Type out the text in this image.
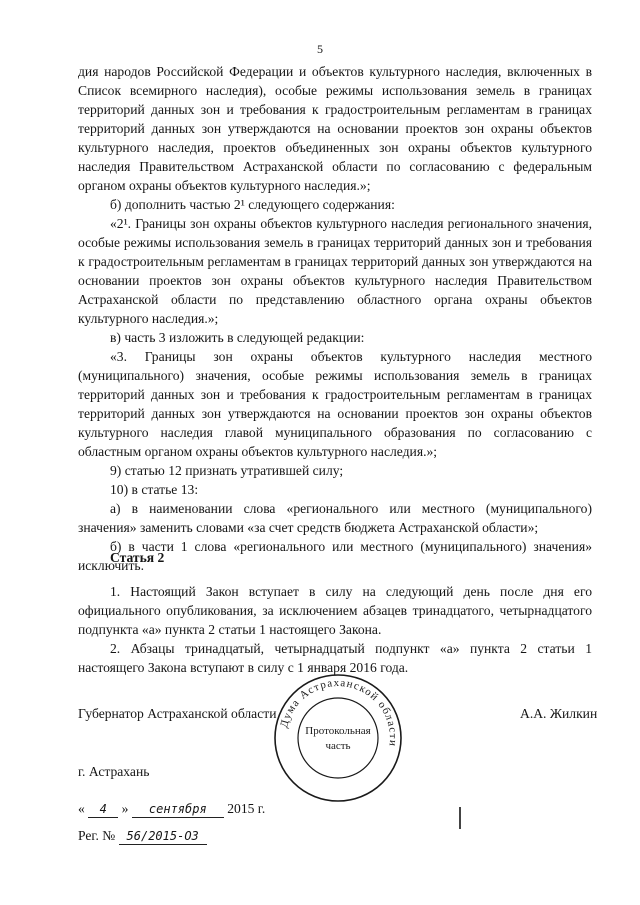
5

дия народов Российской Федерации и объектов культурного наследия, включенных в Список всемирного наследия), особые режимы использования земель в границах территорий данных зон и требования к градостроительным регламентам в границах территорий данных зон утверждаются на основании проектов зон охраны объектов культурного наследия, проектов объединенных зон охраны объектов культурного наследия Правительством Астраханской области по согласованию с федеральным органом охраны объектов культурного наследия.»;

б) дополнить частью 2¹ следующего содержания:

«2¹. Границы зон охраны объектов культурного наследия регионального значения, особые режимы использования земель в границах территорий данных зон и требования к градостроительным регламентам в границах территорий данных зон утверждаются на основании проектов зон охраны объектов культурного наследия Правительством Астраханской области по представлению областного органа охраны объектов культурного наследия.»;

в) часть 3 изложить в следующей редакции:

«3. Границы зон охраны объектов культурного наследия местного (муниципального) значения, особые режимы использования земель в границах территорий данных зон и требования к градостроительным регламентам в границах территорий данных зон утверждаются на основании проектов зон охраны объектов культурного наследия главой муниципального образования по согласованию с областным органом охраны объектов культурного наследия.»;

9) статью 12 признать утратившей силу;

10) в статье 13:

а) в наименовании слова «регионального или местного (муниципального) значения» заменить словами «за счет средств бюджета Астраханской области»;

б) в части 1 слова «регионального или местного (муниципального) значения» исключить.

Статья 2

1. Настоящий Закон вступает в силу на следующий день после дня его официального опубликования, за исключением абзацев тринадцатого, четырнадцатого подпункта «а» пункта 2 статьи 1 настоящего Закона.

2. Абзацы тринадцатый, четырнадцатый подпункт «а» пункта 2 статьи 1 настоящего Закона вступают в силу с 1 января 2016 года.

Губернатор Астраханской области	А.А. Жилкин

Дума Астраханской области
Протокольная
часть

г. Астрахань

« 4 » сентября 2015 г.

Рег. № 56/2015-ОЗ
